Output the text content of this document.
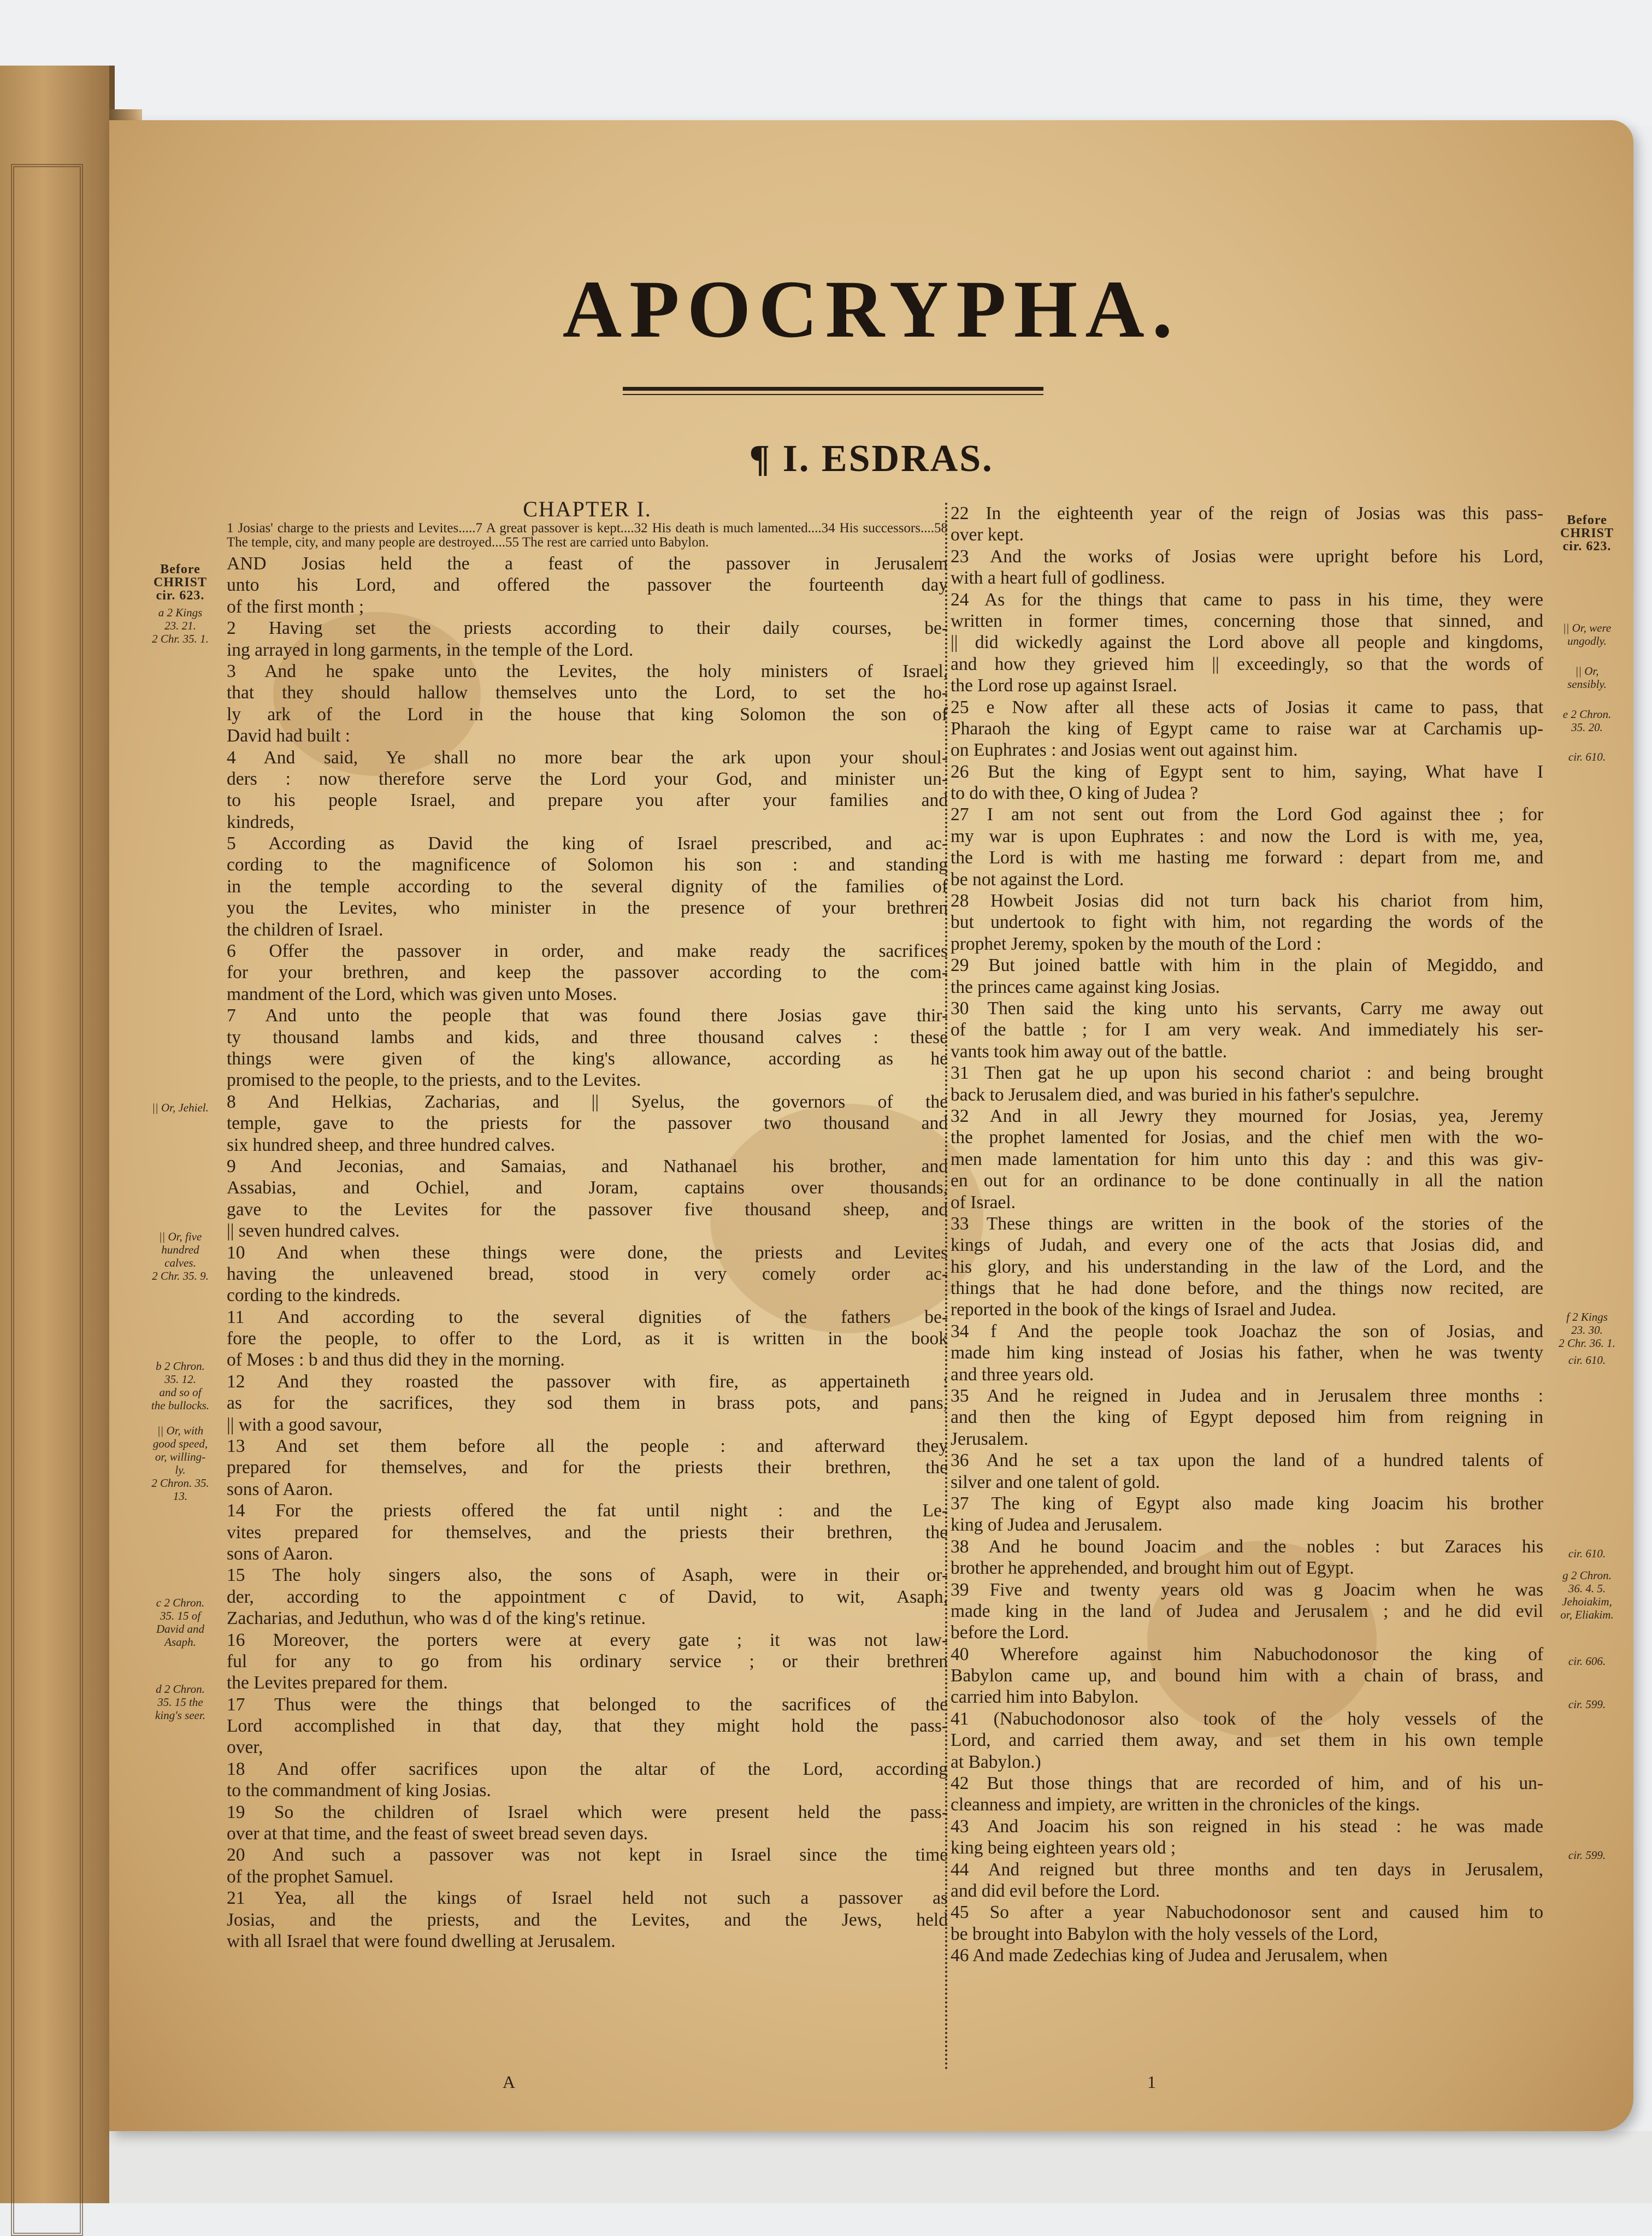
APOCRYPHA.
¶ I. ESDRAS.
CHAPTER I.
1 Josias' charge to the priests and Levites.....7 A great passover is kept....32 His death is much lamented....34 His successors....58 The temple, city, and many people are destroyed....55 The rest are carried unto Babylon.
AND Josias held the a feast of the passover in Jerusalem
unto his Lord, and offered the passover the fourteenth day
of the first month ;
2 Having set the priests according to their daily courses, be-
ing arrayed in long garments, in the temple of the Lord.
3 And he spake unto the Levites, the holy ministers of Israel,
that they should hallow themselves unto the Lord, to set the ho-
ly ark of the Lord in the house that king Solomon the son of
David had built :
4 And said, Ye shall no more bear the ark upon your shoul-
ders : now therefore serve the Lord your God, and minister un-
to his people Israel, and prepare you after your families and
kindreds,
5 According as David the king of Israel prescribed, and ac-
cording to the magnificence of Solomon his son : and standing
in the temple according to the several dignity of the families of
you the Levites, who minister in the presence of your brethren
the children of Israel.
6 Offer the passover in order, and make ready the sacrifices
for your brethren, and keep the passover according to the com-
mandment of the Lord, which was given unto Moses.
7 And unto the people that was found there Josias gave thir-
ty thousand lambs and kids, and three thousand calves : these
things were given of the king's allowance, according as he
promised to the people, to the priests, and to the Levites.
8 And Helkias, Zacharias, and || Syelus, the governors of the
temple, gave to the priests for the passover two thousand and
six hundred sheep, and three hundred calves.
9 And Jeconias, and Samaias, and Nathanael his brother, and
Assabias, and Ochiel, and Joram, captains over thousands,
gave to the Levites for the passover five thousand sheep, and
|| seven hundred calves.
10 And when these things were done, the priests and Levites
having the unleavened bread, stood in very comely order ac-
cording to the kindreds.
11 And according to the several dignities of the fathers be-
fore the people, to offer to the Lord, as it is written in the book
of Moses : b and thus did they in the morning.
12 And they roasted the passover with fire, as appertaineth :
as for the sacrifices, they sod them in brass pots, and pans,
|| with a good savour,
13 And set them before all the people : and afterward they
prepared for themselves, and for the priests their brethren, the
sons of Aaron.
14 For the priests offered the fat until night : and the Le-
vites prepared for themselves, and the priests their brethren, the
sons of Aaron.
15 The holy singers also, the sons of Asaph, were in their or-
der, according to the appointment c of David, to wit, Asaph,
Zacharias, and Jeduthun, who was d of the king's retinue.
16 Moreover, the porters were at every gate ; it was not law-
ful for any to go from his ordinary service ; or their brethren
the Levites prepared for them.
17 Thus were the things that belonged to the sacrifices of the
Lord accomplished in that day, that they might hold the pass-
over,
18 And offer sacrifices upon the altar of the Lord, according
to the commandment of king Josias.
19 So the children of Israel which were present held the pass-
over at that time, and the feast of sweet bread seven days.
20 And such a passover was not kept in Israel since the time
of the prophet Samuel.
21 Yea, all the kings of Israel held not such a passover as
Josias, and the priests, and the Levites, and the Jews, held
with all Israel that were found dwelling at Jerusalem.
22 In the eighteenth year of the reign of Josias was this pass-
over kept.
23 And the works of Josias were upright before his Lord,
with a heart full of godliness.
24 As for the things that came to pass in his time, they were
written in former times, concerning those that sinned, and
|| did wickedly against the Lord above all people and kingdoms,
and how they grieved him || exceedingly, so that the words of
the Lord rose up against Israel.
25 e Now after all these acts of Josias it came to pass, that
Pharaoh the king of Egypt came to raise war at Carchamis up-
on Euphrates : and Josias went out against him.
26 But the king of Egypt sent to him, saying, What have I
to do with thee, O king of Judea ?
27 I am not sent out from the Lord God against thee ; for
my war is upon Euphrates : and now the Lord is with me, yea,
the Lord is with me hasting me forward : depart from me, and
be not against the Lord.
28 Howbeit Josias did not turn back his chariot from him,
but undertook to fight with him, not regarding the words of the
prophet Jeremy, spoken by the mouth of the Lord :
29 But joined battle with him in the plain of Megiddo, and
the princes came against king Josias.
30 Then said the king unto his servants, Carry me away out
of the battle ; for I am very weak. And immediately his ser-
vants took him away out of the battle.
31 Then gat he up upon his second chariot : and being brought
back to Jerusalem died, and was buried in his father's sepulchre.
32 And in all Jewry they mourned for Josias, yea, Jeremy
the prophet lamented for Josias, and the chief men with the wo-
men made lamentation for him unto this day : and this was giv-
en out for an ordinance to be done continually in all the nation
of Israel.
33 These things are written in the book of the stories of the
kings of Judah, and every one of the acts that Josias did, and
his glory, and his understanding in the law of the Lord, and the
things that he had done before, and the things now recited, are
reported in the book of the kings of Israel and Judea.
34 f And the people took Joachaz the son of Josias, and
made him king instead of Josias his father, when he was twenty
and three years old.
35 And he reigned in Judea and in Jerusalem three months :
and then the king of Egypt deposed him from reigning in
Jerusalem.
36 And he set a tax upon the land of a hundred talents of
silver and one talent of gold.
37 The king of Egypt also made king Joacim his brother
king of Judea and Jerusalem.
38 And he bound Joacim and the nobles : but Zaraces his
brother he apprehended, and brought him out of Egypt.
39 Five and twenty years old was g Joacim when he was
made king in the land of Judea and Jerusalem ; and he did evil
before the Lord.
40 Wherefore against him Nabuchodonosor the king of
Babylon came up, and bound him with a chain of brass, and
carried him into Babylon.
41 (Nabuchodonosor also took of the holy vessels of the
Lord, and carried them away, and set them in his own temple
at Babylon.)
42 But those things that are recorded of him, and of his un-
cleanness and impiety, are written in the chronicles of the kings.
43 And Joacim his son reigned in his stead : he was made
king being eighteen years old ;
44 And reigned but three months and ten days in Jerusalem,
and did evil before the Lord.
45 So after a year Nabuchodonosor sent and caused him to
be brought into Babylon with the holy vessels of the Lord,
46 And made Zedechias king of Judea and Jerusalem, when
Before
CHRIST
cir. 623.
a 2 Kings
23. 21.
2 Chr. 35. 1.
|| Or, Jehiel.
|| Or, five
hundred
calves.
2 Chr. 35. 9.
b 2 Chron.
35. 12.
and so of
the bullocks.
|| Or, with
good speed,
or, willing-
ly.
2 Chron. 35.
13.
c 2 Chron.
35. 15 of
David and
Asaph.
d 2 Chron.
35. 15 the
king's seer.
Before
CHRIST
cir. 623.
|| Or, were
ungodly.
|| Or,
sensibly.
e 2 Chron.
35. 20.
cir. 610.
f 2 Kings
23. 30.
2 Chr. 36. 1.
cir. 610.
cir. 610.
g 2 Chron.
36. 4. 5.
Jehoiakim,
or, Eliakim.
cir. 606.
cir. 599.
cir. 599.
A	1
